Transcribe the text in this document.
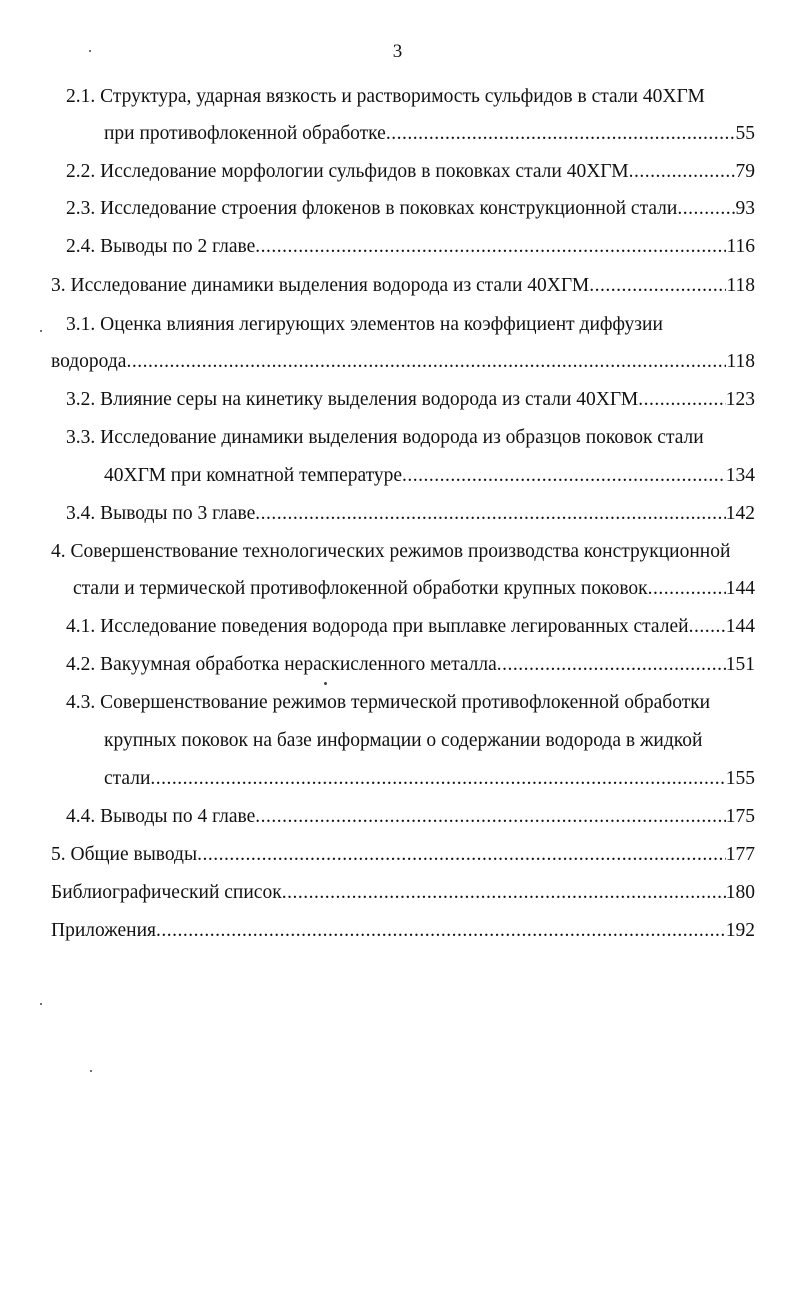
3
2.1. Структура, ударная вязкость и растворимость сульфидов в стали 40ХГМ
при противофлокенной обработке .....	55
2.2. Исследование морфологии сульфидов в поковках стали 40ХГМ .....	79
2.3. Исследование строения флокенов в поковках конструкционной стали .....	93
2.4. Выводы по 2 главе .....	116
3. Исследование динамики выделения водорода из стали 40ХГМ .....	118
3.1. Оценка влияния легирующих элементов на коэффициент диффузии
водорода .....	118
3.2. Влияние серы на кинетику выделения водорода из стали 40ХГМ .....	123
3.3. Исследование динамики выделения водорода из образцов поковок стали
40ХГМ при комнатной температуре .....	134
3.4. Выводы по 3 главе .....	142
4. Совершенствование технологических режимов производства конструкционной
стали и термической противофлокенной обработки крупных поковок .....	144
4.1. Исследование поведения водорода при выплавке легированных сталей ..... 144
4.2. Вакуумная обработка нераскисленного металла .....	151
4.3. Совершенствование режимов термической противофлокенной обработки
крупных поковок на базе информации о содержании водорода в жидкой
стали .....	155
4.4. Выводы по 4 главе .....	175
5. Общие выводы .....	177
Библиографический список .....	180
Приложения .....	192
